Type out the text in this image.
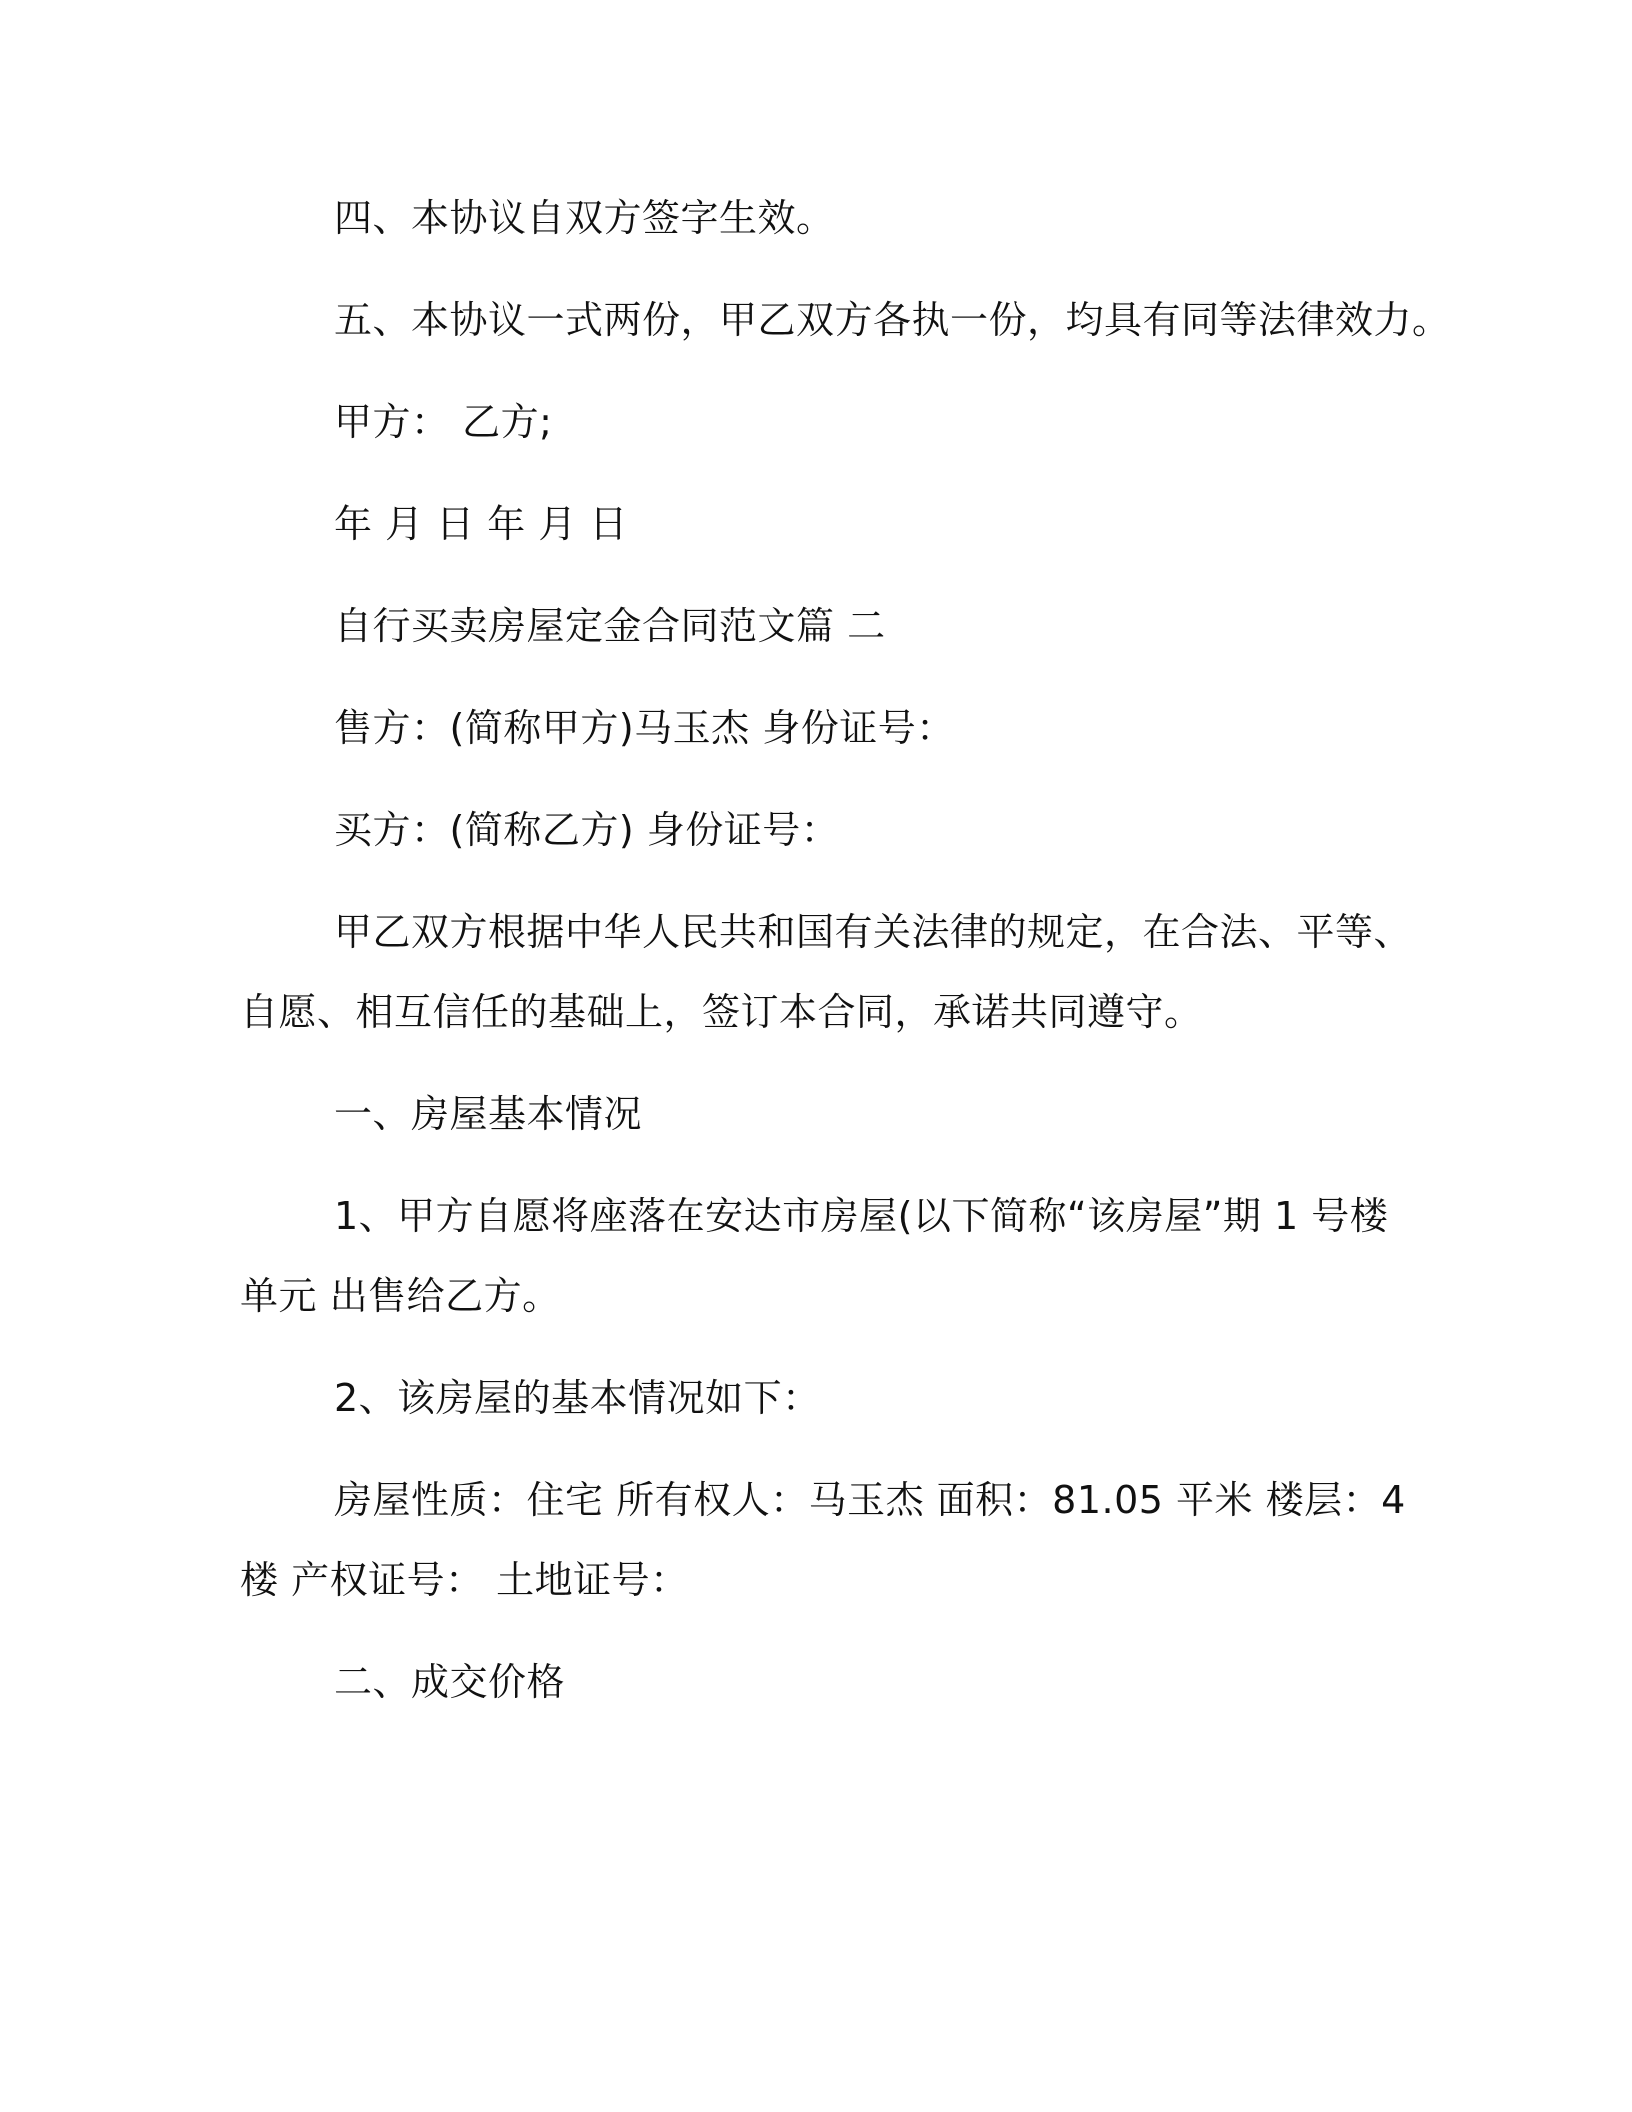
四、本协议自双方签字生效。
五、本协议一式两份，甲乙双方各执一份，均具有同等法律效力。
甲方： 乙方;
年 月 日 年 月 日
自行买卖房屋定金合同范文篇 二
售方：(简称甲方)马玉杰 身份证号：
买方：(简称乙方) 身份证号：
甲乙双方根据中华人民共和国有关法律的规定，在合法、平等、
自愿、相互信任的基础上，签订本合同，承诺共同遵守。
一、房屋基本情况
1、甲方自愿将座落在安达市房屋(以下简称“该房屋”期 1 号楼
单元 出售给乙方。
2、该房屋的基本情况如下：
房屋性质：住宅 所有权人：马玉杰 面积：81.05 平米 楼层：4
楼 产权证号： 土地证号：
二、成交价格
